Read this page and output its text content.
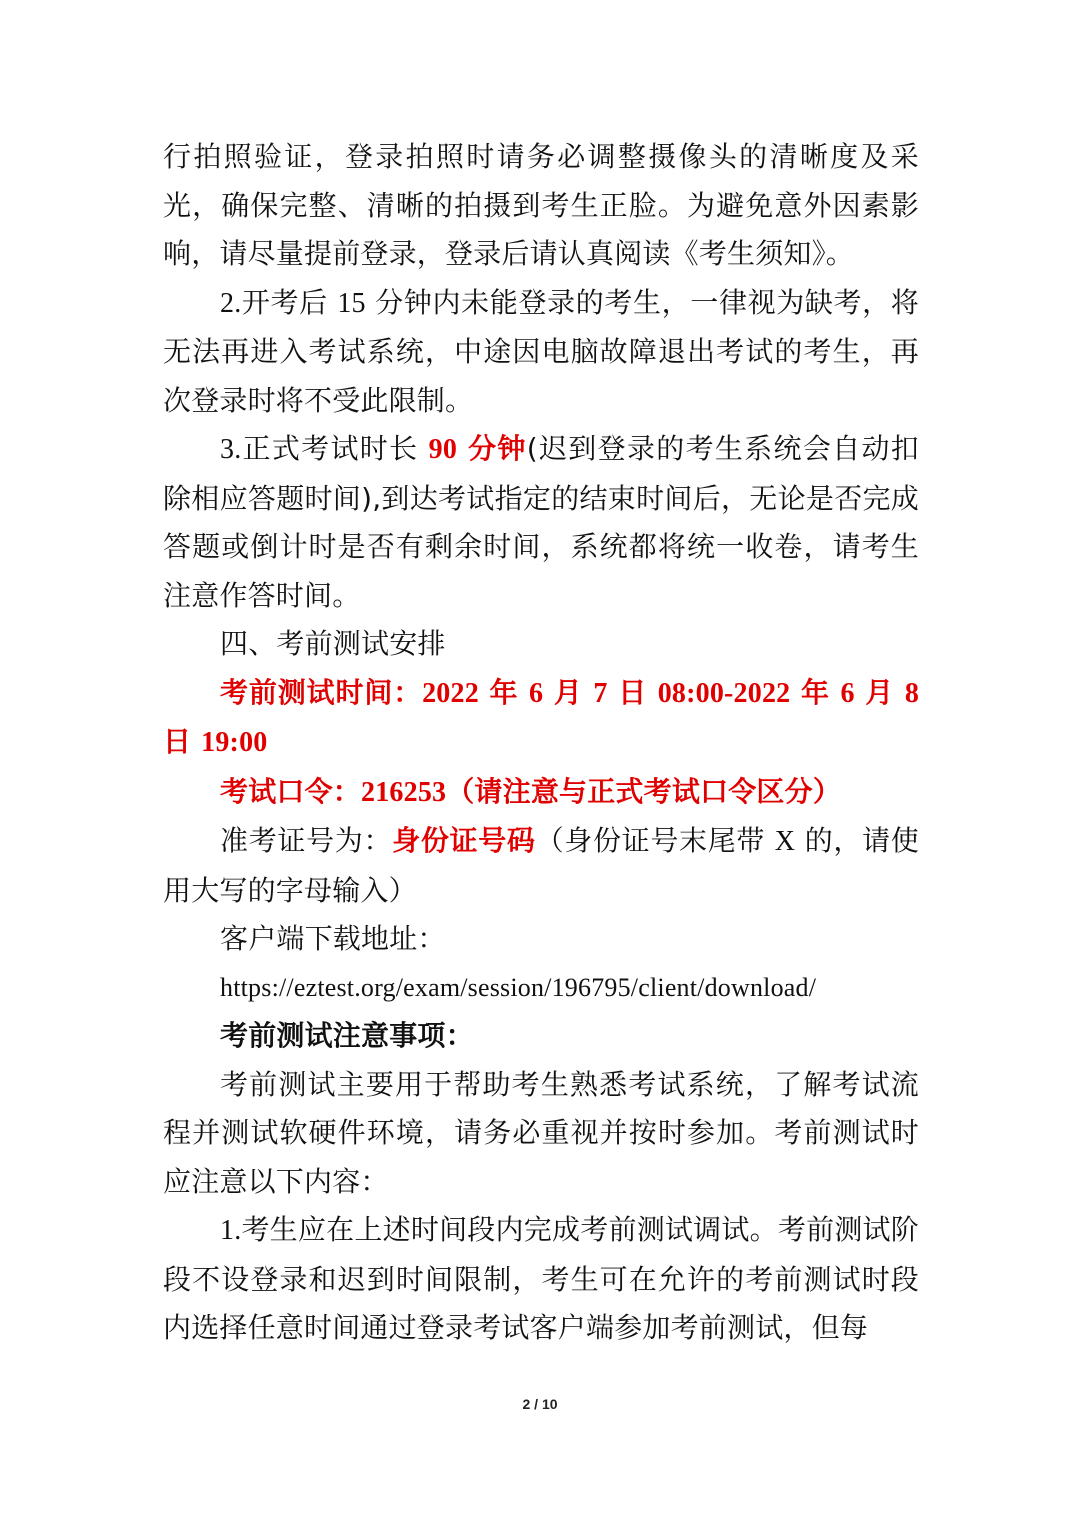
行拍照验证，登录拍照时请务必调整摄像头的清晰度及采光，确保完整、清晰的拍摄到考生正脸。为避免意外因素影响，请尽量提前登录，登录后请认真阅读《考生须知》。

2.开考后 15 分钟内未能登录的考生，一律视为缺考，将无法再进入考试系统，中途因电脑故障退出考试的考生，再次登录时将不受此限制。

3.正式考试时长 90 分钟(迟到登录的考生系统会自动扣除相应答题时间),到达考试指定的结束时间后，无论是否完成答题或倒计时是否有剩余时间，系统都将统一收卷，请考生注意作答时间。

四、考前测试安排

考前测试时间：2022 年 6 月 7 日 08:00-2022 年 6 月 8 日 19:00

考试口令：216253（请注意与正式考试口令区分）

准考证号为：身份证号码（身份证号末尾带 X 的，请使用大写的字母输入）

客户端下载地址：

https://eztest.org/exam/session/196795/client/download/

考前测试注意事项：

考前测试主要用于帮助考生熟悉考试系统，了解考试流程并测试软硬件环境，请务必重视并按时参加。考前测试时应注意以下内容：

1.考生应在上述时间段内完成考前测试调试。考前测试阶段不设登录和迟到时间限制，考生可在允许的考前测试时段内选择任意时间通过登录考试客户端参加考前测试，但每

2 / 10
